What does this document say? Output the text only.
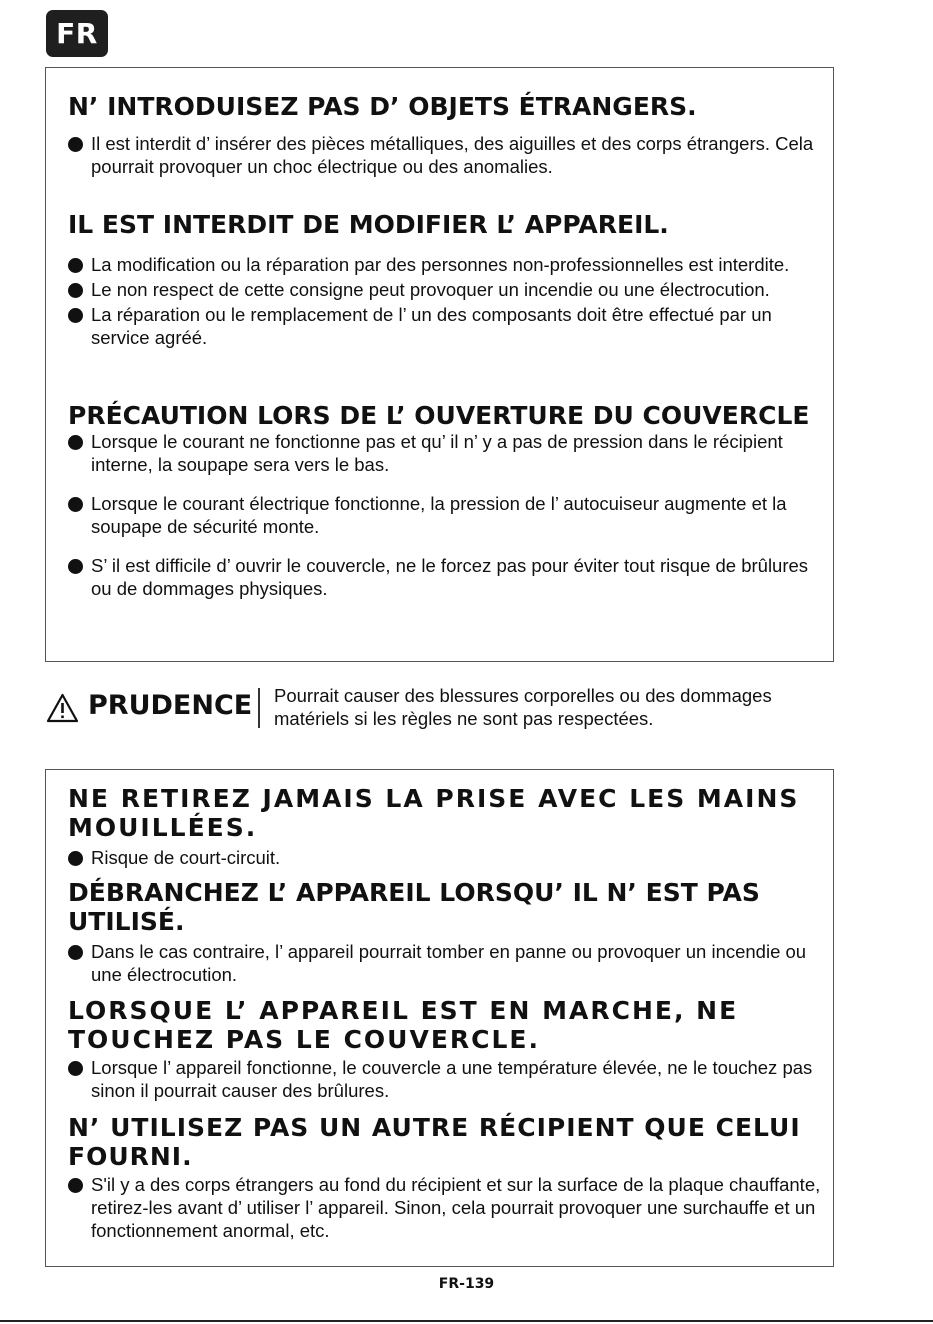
FR
N’ INTRODUISEZ PAS D’ OBJETS ÉTRANGERS.
Il est interdit d’ insérer des pièces métalliques, des aiguilles et des corps étrangers. Cela pourrait provoquer un choc électrique ou des anomalies.
IL EST INTERDIT DE MODIFIER L’ APPAREIL.
La modification ou la réparation par des personnes non-professionnelles est interdite.
Le non respect de cette consigne peut provoquer un incendie ou une électrocution.
La réparation ou le remplacement de l’ un des composants doit être effectué par un service agréé.
PRÉCAUTION LORS DE L’ OUVERTURE DU COUVERCLE
Lorsque le courant ne fonctionne pas et qu’ il n’ y a pas de pression dans le récipient interne, la soupape sera vers le bas.
Lorsque le courant électrique fonctionne, la pression de l’ autocuiseur augmente et la soupape de sécurité monte.
S’ il est difficile d’ ouvrir le couvercle, ne le forcez pas pour éviter tout risque de brûlures ou de dommages physiques.
PRUDENCE Pourrait causer des blessures corporelles ou des dommages matériels si les règles ne sont pas respectées.
NE RETIREZ JAMAIS LA PRISE AVEC LES MAINS MOUILLÉES.
Risque de court-circuit.
DÉBRANCHEZ L’ APPAREIL LORSQU’ IL N’ EST PAS UTILISÉ.
Dans le cas contraire, l’ appareil pourrait tomber en panne ou provoquer un incendie ou une électrocution.
LORSQUE L’ APPAREIL EST EN MARCHE, NE TOUCHEZ PAS LE COUVERCLE.
Lorsque l’ appareil fonctionne, le couvercle a une température élevée, ne le touchez pas sinon il pourrait causer des brûlures.
N’ UTILISEZ PAS UN AUTRE RÉCIPIENT QUE CELUI FOURNI.
S'il y a des corps étrangers au fond du récipient et sur la surface de la plaque chauffante, retirez-les avant d’ utiliser l’ appareil. Sinon, cela pourrait provoquer une surchauffe et un fonctionnement anormal, etc.
FR-139
